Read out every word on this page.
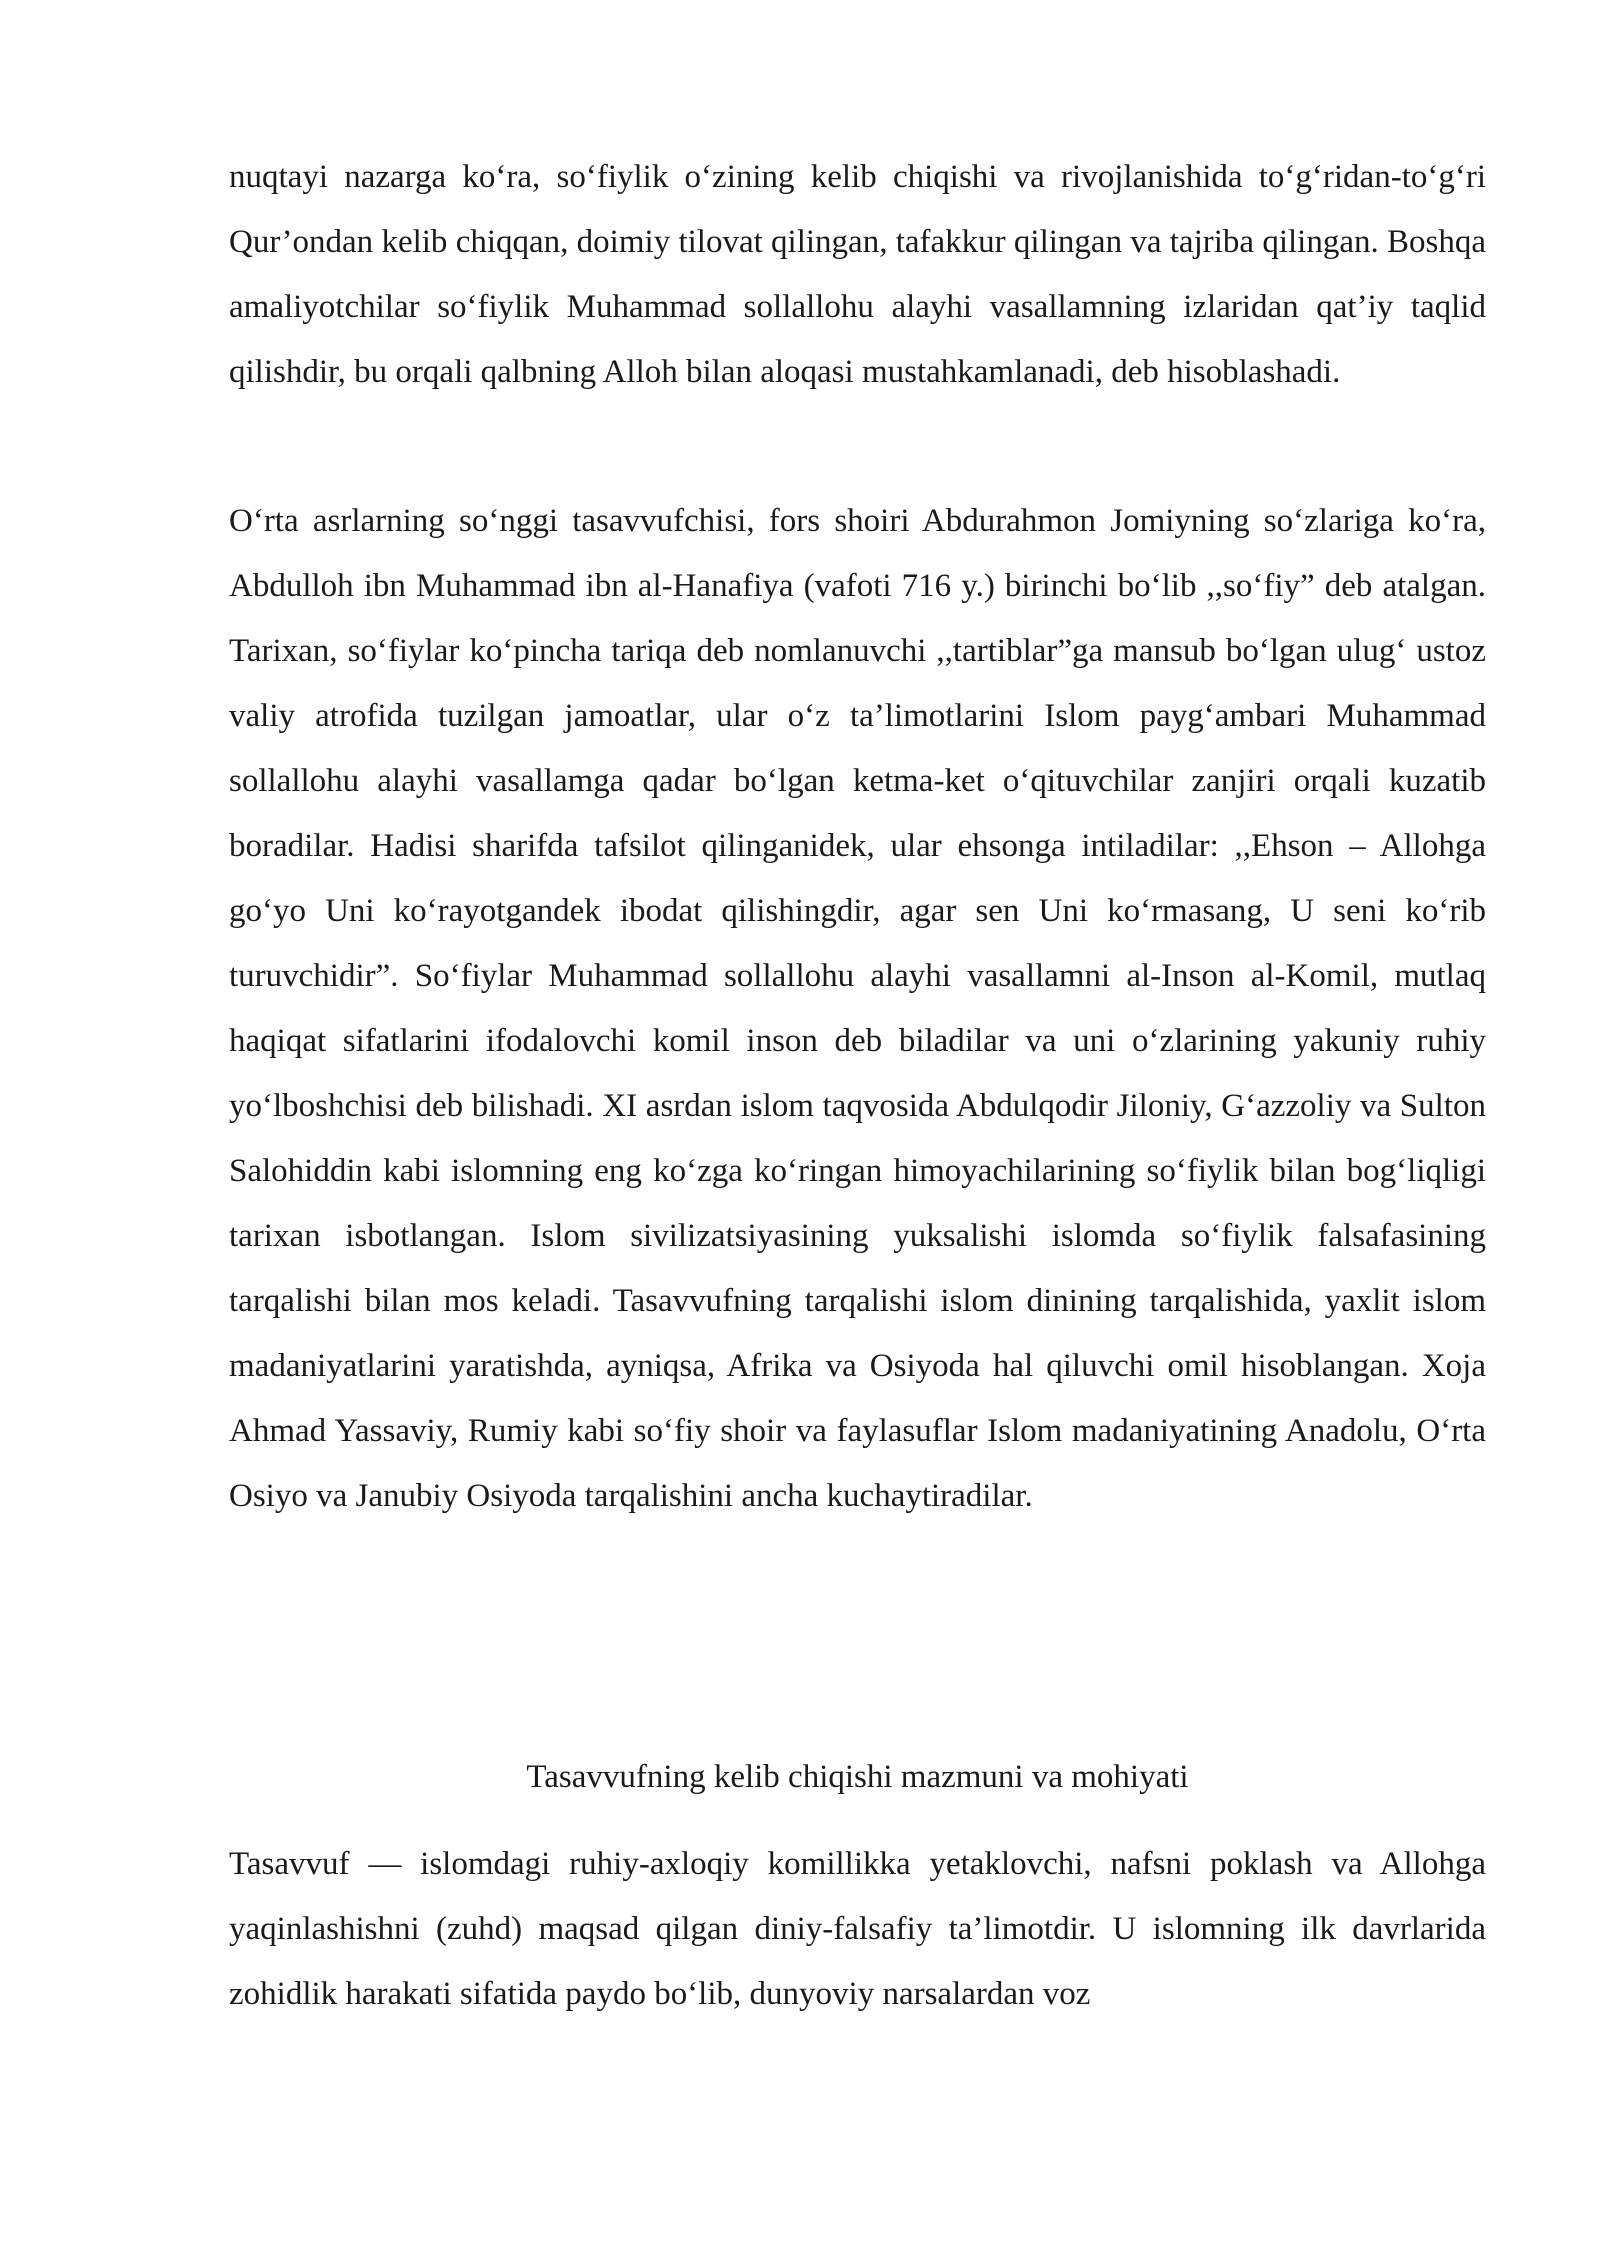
nuqtayi nazarga ko‘ra, so‘fiylik o‘zining kelib chiqishi va rivojlanishida to‘g‘ridan-to‘g‘ri Qur’ondan kelib chiqqan, doimiy tilovat qilingan, tafakkur qilingan va tajriba qilingan. Boshqa amaliyotchilar so‘fiylik Muhammad sollallohu alayhi vasallamning izlaridan qat’iy taqlid qilishdir, bu orqali qalbning Alloh bilan aloqasi mustahkamlanadi, deb hisoblashadi.

O‘rta asrlarning so‘nggi tasavvufchisi, fors shoiri Abdurahmon Jomiyning so‘zlariga ko‘ra, Abdulloh ibn Muhammad ibn al-Hanafiya (vafoti 716 y.) birinchi bo‘lib ,,so‘fiy” deb atalgan. Tarixan, so‘fiylar ko‘pincha tariqa deb nomlanuvchi ,,tartiblar”ga mansub bo‘lgan ulug‘ ustoz valiy atrofida tuzilgan jamoatlar, ular o‘z ta’limotlarini Islom payg‘ambari Muhammad sollallohu alayhi vasallamga qadar bo‘lgan ketma-ket o‘qituvchilar zanjiri orqali kuzatib boradilar. Hadisi sharifda tafsilot qilinganidek, ular ehsonga intiladilar: ,,Ehson – Allohga go‘yo Uni ko‘rayotgandek ibodat qilishingdir, agar sen Uni ko‘rmasang, U seni ko‘rib turuvchidir”. So‘fiylar Muhammad sollallohu alayhi vasallamni al-Inson al-Komil, mutlaq haqiqat sifatlarini ifodalovchi komil inson deb biladilar va uni o‘zlarining yakuniy ruhiy yo‘lboshchisi deb bilishadi. XI asrdan islom taqvosida Abdulqodir Jiloniy, G‘azzoliy va Sulton Salohiddin kabi islomning eng ko‘zga ko‘ringan himoyachilarining so‘fiylik bilan bog‘liqligi tarixan isbotlangan. Islom sivilizatsiyasining yuksalishi islomda so‘fiylik falsafasining tarqalishi bilan mos keladi. Tasavvufning tarqalishi islom dinining tarqalishida, yaxlit islom madaniyatlarini yaratishda, ayniqsa, Afrika va Osiyoda hal qiluvchi omil hisoblangan. Xoja Ahmad Yassaviy, Rumiy kabi so‘fiy shoir va faylasuflar Islom madaniyatining Anadolu, O‘rta Osiyo va Janubiy Osiyoda tarqalishini ancha kuchaytiradilar.

Tasavvufning kelib chiqishi mazmuni va mohiyati

Tasavvuf — islomdagi ruhiy-axloqiy komillikka yetaklovchi, nafsni poklash va Allohga yaqinlashishni (zuhd) maqsad qilgan diniy-falsafiy ta’limotdir. U islomning ilk davrlarida zohidlik harakati sifatida paydo bo‘lib, dunyoviy narsalardan voz
